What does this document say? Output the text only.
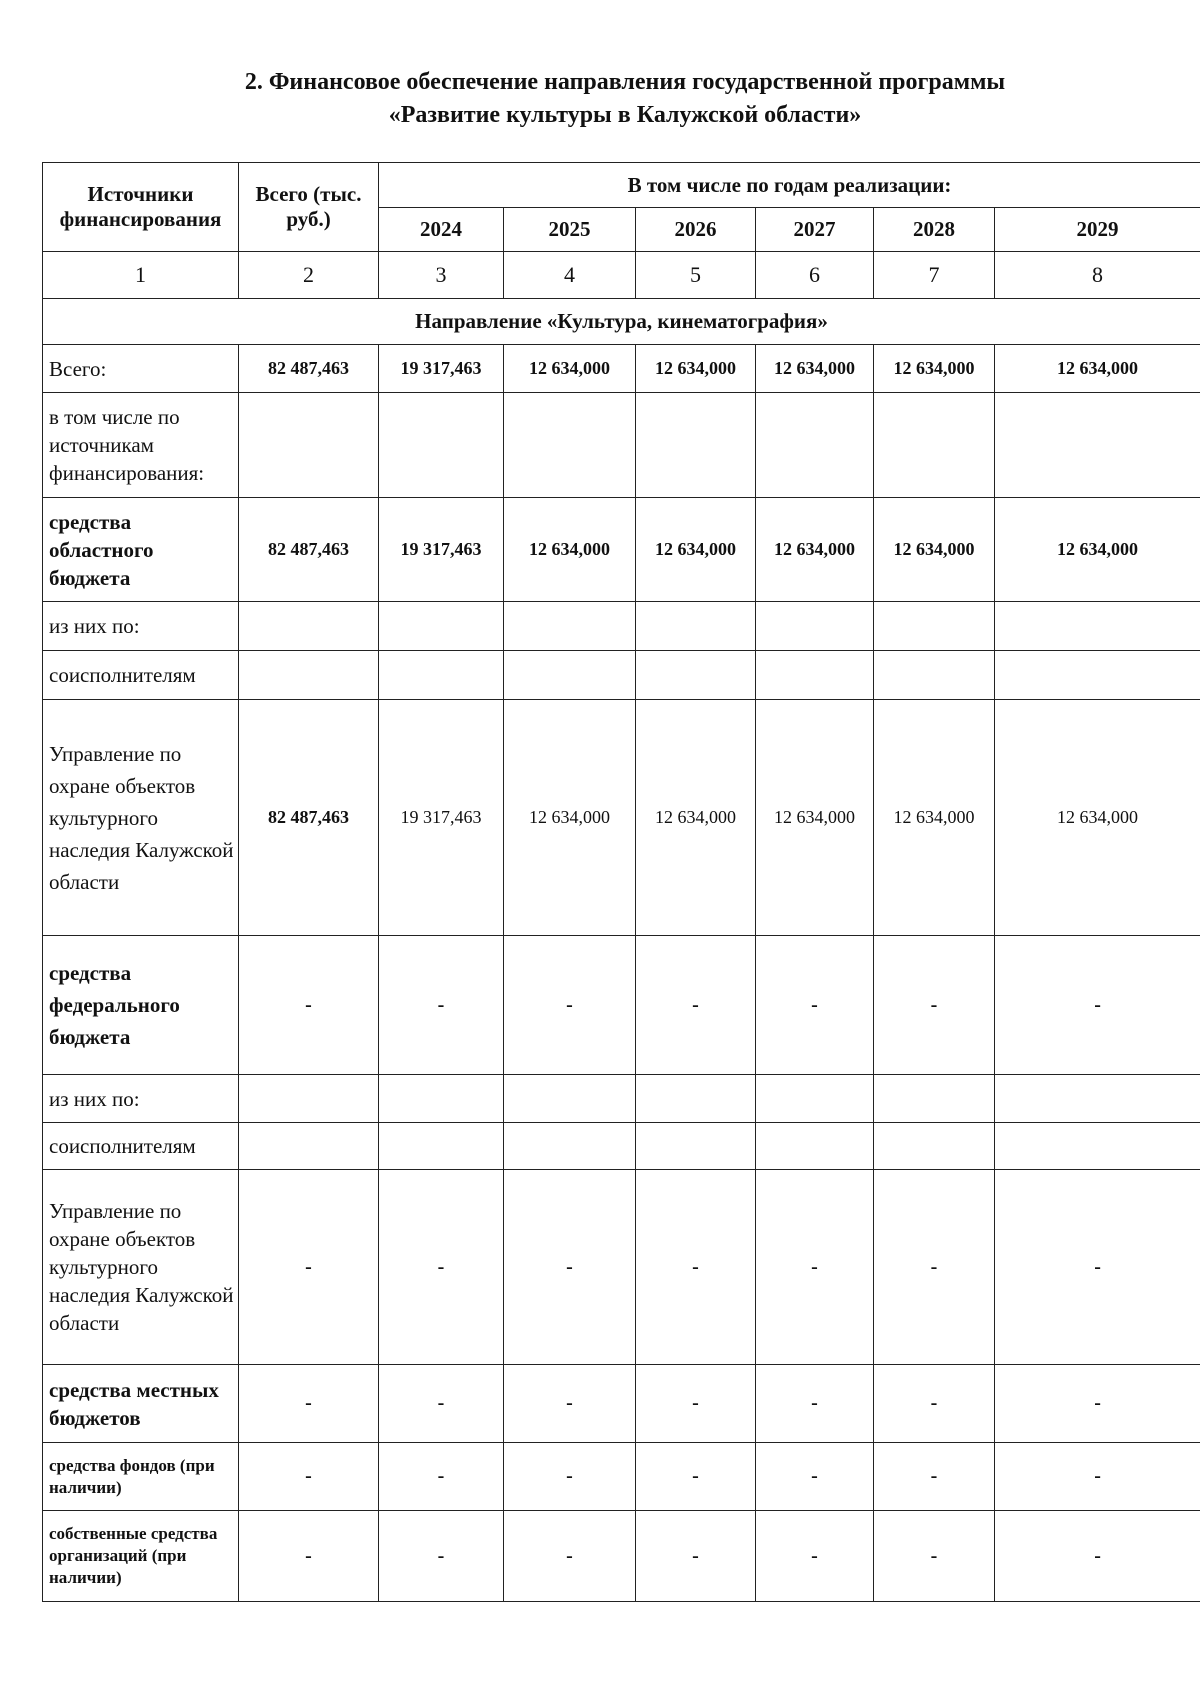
2. Финансовое обеспечение направления государственной программы
«Развитие культуры в Калужской области»
Источники финансирования	Всего (тыс. руб.)	В том числе по годам реализации:					
		2024	2025	2026	2027	2028	2029
1	2	3	4	5	6	7	8
Направление «Культура, кинематография»							
Всего:	82 487,463	19 317,463	12 634,000	12 634,000	12 634,000	12 634,000	12 634,000
в том числе по источникам финансирования:							
средства областного бюджета	82 487,463	19 317,463	12 634,000	12 634,000	12 634,000	12 634,000	12 634,000
из них по:							
соисполнителям							
Управление по охране объектов культурного наследия Калужской области	82 487,463	19 317,463	12 634,000	12 634,000	12 634,000	12 634,000	12 634,000
средства федерального бюджета	-	-	-	-	-	-	-
из них по:							
соисполнителям							
Управление по охране объектов культурного наследия Калужской области	-	-	-	-	-	-	-
средства местных бюджетов	-	-	-	-	-	-	-
средства фондов (при наличии)	-	-	-	-	-	-	-
собственные средства организаций (при наличии)	-	-	-	-	-	-	-
